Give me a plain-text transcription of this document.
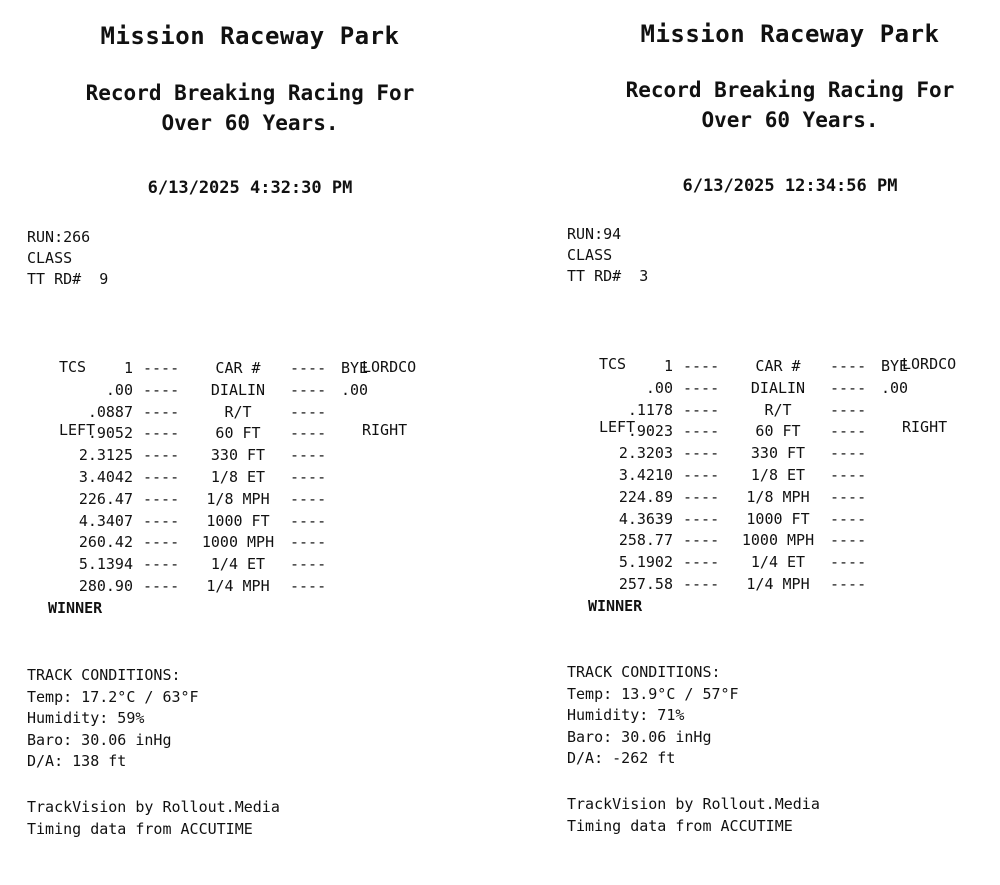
Mission Raceway Park
Record Breaking Racing For
Over 60 Years.
6/13/2025 4:32:30 PM
RUN:266
CLASS
TT RD#  9

TCS

LEFT

LORDCO

RIGHT

1 ----	CAR #	---- BYE
.00 ----	DIALIN	---- .00
.0887 ----	R/T	----
.9052 ----	60 FT	----
2.3125 ----	330 FT	----
3.4042 ----	1/8 ET	----
226.47 ----	1/8 MPH	----
4.3407 ----	1000 FT	----
260.42 ----	1000 MPH	----
5.1394 ----	1/4 ET	----
280.90 ----	1/4 MPH	----
WINNER
TRACK CONDITIONS:
Temp: 17.2°C / 63°F
Humidity: 59%
Baro: 30.06 inHg
D/A: 138 ft
TrackVision by Rollout.Media
Timing data from ACCUTIME
Mission Raceway Park
Record Breaking Racing For
Over 60 Years.
6/13/2025 12:34:56 PM
RUN:94
CLASS
TT RD#  3

TCS

LEFT

LORDCO

RIGHT

1 ----	CAR #	---- BYE
.00 ----	DIALIN	---- .00
.1178 ----	R/T	----
.9023 ----	60 FT	----
2.3203 ----	330 FT	----
3.4210 ----	1/8 ET	----
224.89 ----	1/8 MPH	----
4.3639 ----	1000 FT	----
258.77 ----	1000 MPH	----
5.1902 ----	1/4 ET	----
257.58 ----	1/4 MPH	----
WINNER
TRACK CONDITIONS:
Temp: 13.9°C / 57°F
Humidity: 71%
Baro: 30.06 inHg
D/A: -262 ft
TrackVision by Rollout.Media
Timing data from ACCUTIME
